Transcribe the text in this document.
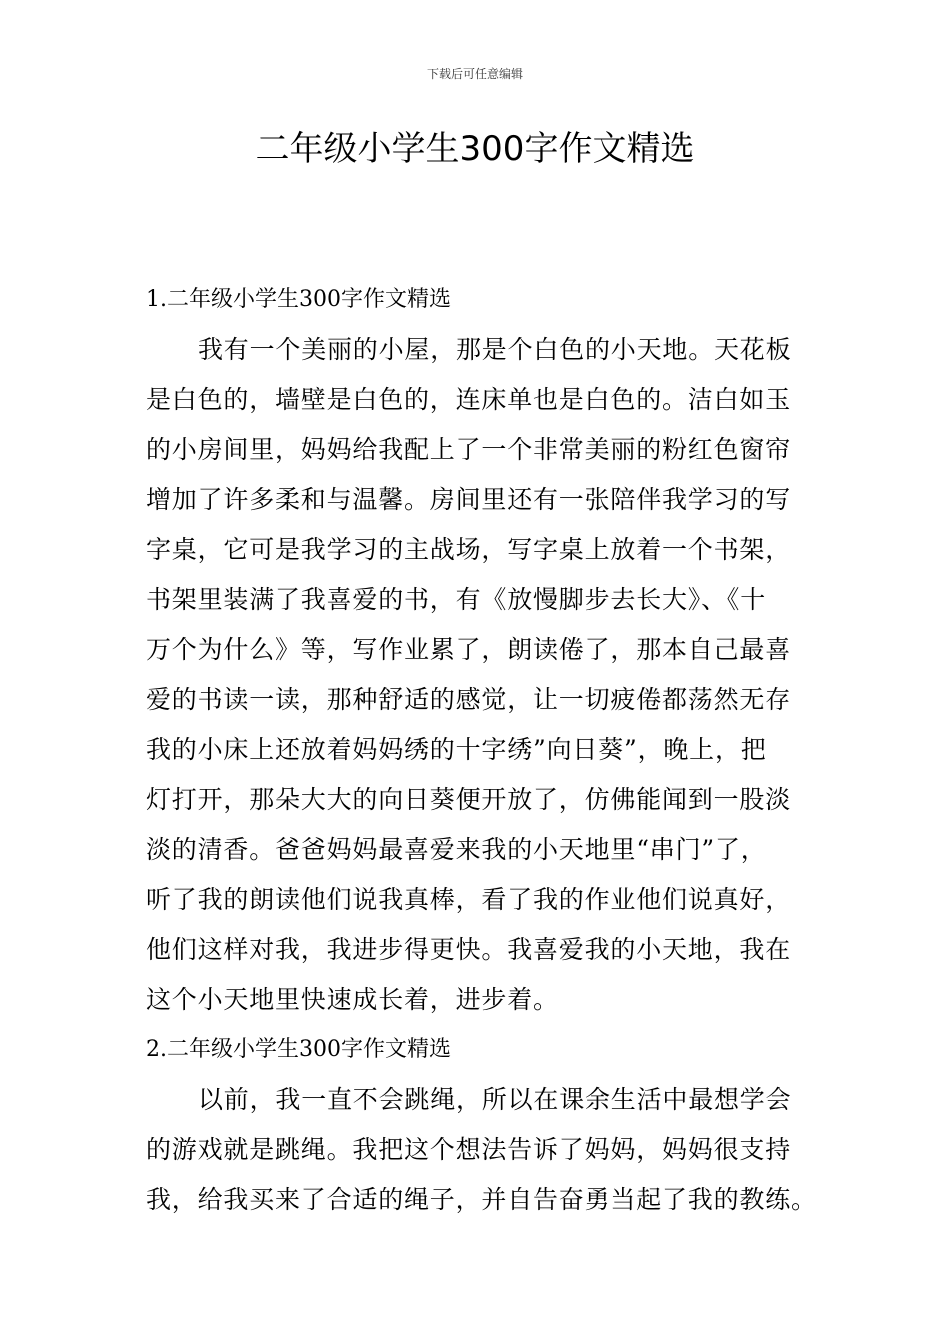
下载后可任意编辑
二年级小学生300字作文精选
1.二年级小学生300字作文精选
我有一个美丽的小屋，那是个白色的小天地。天花板
是白色的，墙壁是白色的，连床单也是白色的。洁白如玉
的小房间里，妈妈给我配上了一个非常美丽的粉红色窗帘
增加了许多柔和与温馨。房间里还有一张陪伴我学习的写
字桌，它可是我学习的主战场，写字桌上放着一个书架，
书架里装满了我喜爱的书，有《放慢脚步去长大》、《十
万个为什么》等，写作业累了，朗读倦了，那本自己最喜
爱的书读一读，那种舒适的感觉，让一切疲倦都荡然无存
我的小床上还放着妈妈绣的十字绣”向日葵”，晚上，把
灯打开，那朵大大的向日葵便开放了，仿佛能闻到一股淡
淡的清香。爸爸妈妈最喜爱来我的小天地里“串门”了，
听了我的朗读他们说我真棒，看了我的作业他们说真好，
他们这样对我，我进步得更快。我喜爱我的小天地，我在
这个小天地里快速成长着，进步着。
2.二年级小学生300字作文精选
以前，我一直不会跳绳，所以在课余生活中最想学会
的游戏就是跳绳。我把这个想法告诉了妈妈，妈妈很支持
我，给我买来了合适的绳子，并自告奋勇当起了我的教练。
